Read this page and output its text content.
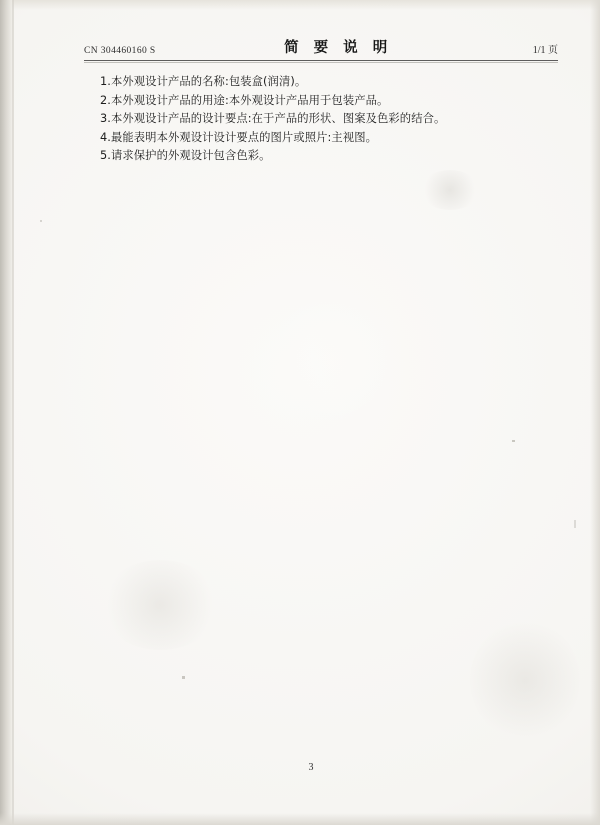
CN 304460160 S	简 要 说 明	1/1 页
1.本外观设计产品的名称:包装盒(润清)。
2.本外观设计产品的用途:本外观设计产品用于包装产品。
3.本外观设计产品的设计要点:在于产品的形状、图案及色彩的结合。
4.最能表明本外观设计设计要点的图片或照片:主视图。
5.请求保护的外观设计包含色彩。
3
